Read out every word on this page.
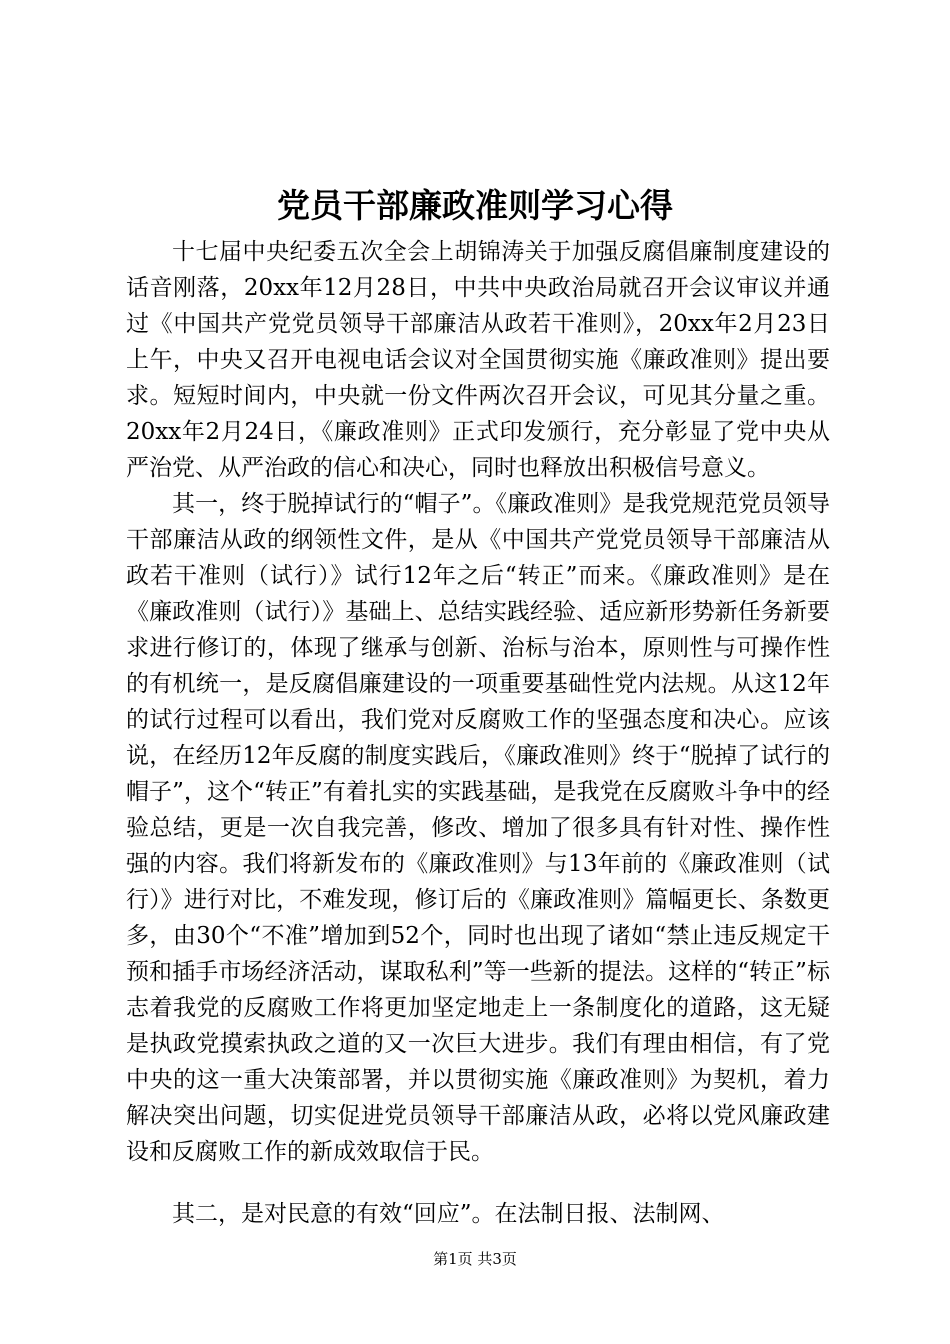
党员干部廉政准则学习心得

十七届中央纪委五次全会上胡锦涛关于加强反腐倡廉制度建设的话音刚落，20xx年12月28日，中共中央政治局就召开会议审议并通过《中国共产党党员领导干部廉洁从政若干准则》，20xx年2月23日上午，中央又召开电视电话会议对全国贯彻实施《廉政准则》提出要求。短短时间内，中央就一份文件两次召开会议，可见其分量之重。20xx年2月24日，《廉政准则》正式印发颁行，充分彰显了党中央从严治党、从严治政的信心和决心，同时也释放出积极信号意义。

其一，终于脱掉试行的“帽子”。《廉政准则》是我党规范党员领导干部廉洁从政的纲领性文件，是从《中国共产党党员领导干部廉洁从政若干准则（试行）》试行12年之后“转正”而来。《廉政准则》是在《廉政准则（试行）》基础上、总结实践经验、适应新形势新任务新要求进行修订的，体现了继承与创新、治标与治本，原则性与可操作性的有机统一，是反腐倡廉建设的一项重要基础性党内法规。从这12年的试行过程可以看出，我们党对反腐败工作的坚强态度和决心。应该说，在经历12年反腐的制度实践后，《廉政准则》终于“脱掉了试行的帽子”，这个“转正”有着扎实的实践基础，是我党在反腐败斗争中的经验总结，更是一次自我完善，修改、增加了很多具有针对性、操作性强的内容。我们将新发布的《廉政准则》与13年前的《廉政准则（试行）》进行对比，不难发现，修订后的《廉政准则》篇幅更长、条数更多，由30个“不准”增加到52个，同时也出现了诸如“禁止违反规定干预和插手市场经济活动，谋取私利”等一些新的提法。这样的“转正”标志着我党的反腐败工作将更加坚定地走上一条制度化的道路，这无疑是执政党摸索执政之道的又一次巨大进步。我们有理由相信，有了党中央的这一重大决策部署，并以贯彻实施《廉政准则》为契机，着力解决突出问题，切实促进党员领导干部廉洁从政，必将以党风廉政建设和反腐败工作的新成效取信于民。

其二，是对民意的有效“回应”。在法制日报、法制网、

第1页 共3页
